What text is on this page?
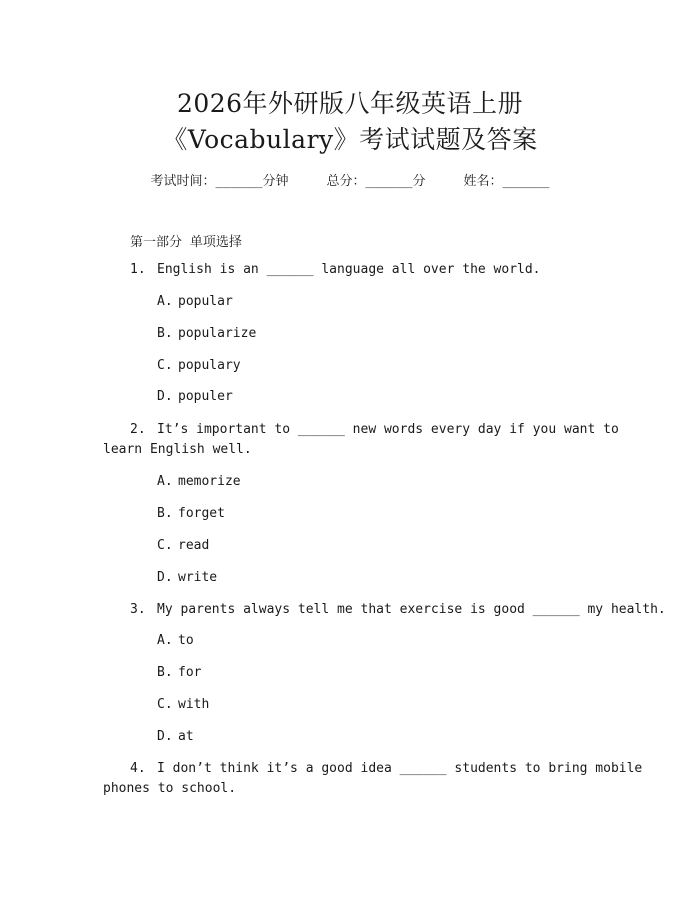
2026年外研版八年级英语上册
《Vocabulary》考试试题及答案
考试时间：______分钟	总分：______分	姓名：______
第一部分 单项选择
1. English is an ______ language all over the world.
A. popular
B. popularize
C. populary
D. populer
2. It’s important to ______ new words every day if you want to
learn English well.
A. memorize
B. forget
C. read
D. write
3. My parents always tell me that exercise is good ______ my health.
A. to
B. for
C. with
D. at
4. I don’t think it’s a good idea ______ students to bring mobile
phones to school.
